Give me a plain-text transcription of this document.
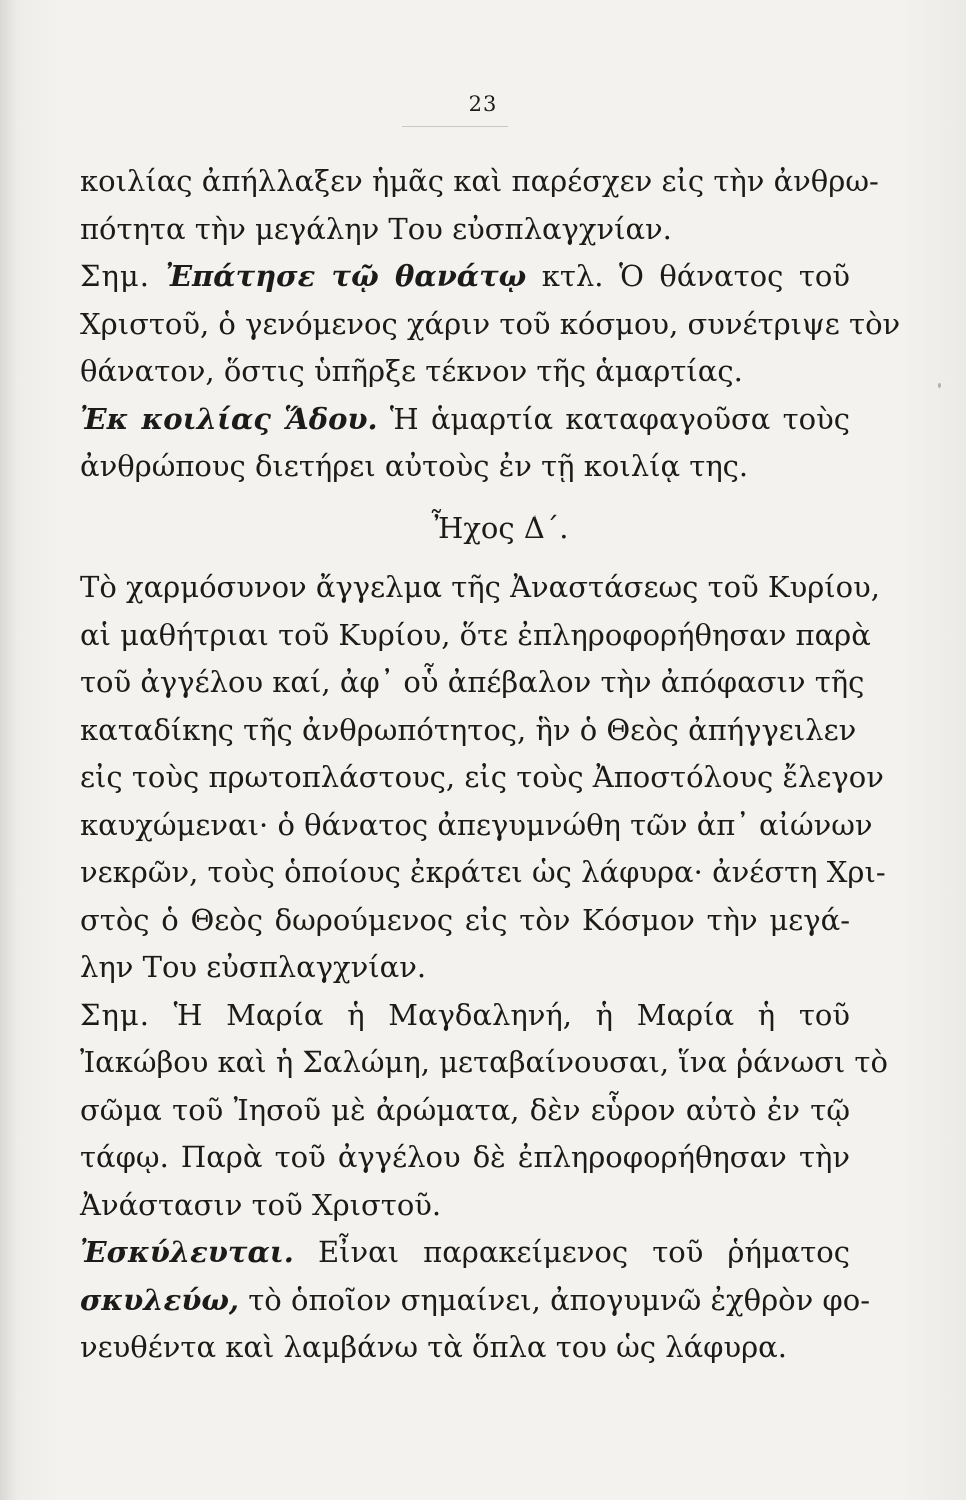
23
κοιλίας ἀπήλλαξεν ἡμᾶς καὶ παρέσχεν εἰς τὴν ἀνθρω-
πότητα τὴν μεγάλην Του εὐσπλαγχνίαν.
Σημ. Ἐπάτησε τῷ θανάτῳ κτλ. Ὁ θάνατος τοῦ
Χριστοῦ, ὁ γενόμενος χάριν τοῦ κόσμου, συνέτριψε τὸν
θάνατον, ὅστις ὑπῆρξε τέκνον τῆς ἁμαρτίας.
Ἐκ κοιλίας Ἅδου. Ἡ ἁμαρτία καταφαγοῦσα τοὺς
ἀνθρώπους διετήρει αὐτοὺς ἐν τῇ κοιλίᾳ της.
Ἦχος Δ΄.
Τὸ χαρμόσυνον ἄγγελμα τῆς Ἀναστάσεως τοῦ Κυρίου,
αἱ μαθήτριαι τοῦ Κυρίου, ὅτε ἐπληροφορήθησαν παρὰ
τοῦ ἀγγέλου καί, ἀφ᾽ οὗ ἀπέβαλον τὴν ἀπόφασιν τῆς
καταδίκης τῆς ἀνθρωπότητος, ἣν ὁ Θεὸς ἀπήγγειλεν
εἰς τοὺς πρωτοπλάστους, εἰς τοὺς Ἀποστόλους ἔλεγον
καυχώμεναι· ὁ θάνατος ἀπεγυμνώθη τῶν ἀπ᾽ αἰώνων
νεκρῶν, τοὺς ὁποίους ἐκράτει ὡς λάφυρα· ἀνέστη Χρι-
στὸς ὁ Θεὸς δωρούμενος εἰς τὸν Κόσμον τὴν μεγά-
λην Του εὐσπλαγχνίαν.
Σημ. Ἡ Μαρία ἡ Μαγδαληνή, ἡ Μαρία ἡ τοῦ
Ἰακώβου καὶ ἡ Σαλώμη, μεταβαίνουσαι, ἵνα ῥάνωσι τὸ
σῶμα τοῦ Ἰησοῦ μὲ ἀρώματα, δὲν εὗρον αὐτὸ ἐν τῷ
τάφῳ. Παρὰ τοῦ ἀγγέλου δὲ ἐπληροφορήθησαν τὴν
Ἀνάστασιν τοῦ Χριστοῦ.
Ἐσκύλευται. Εἶναι παρακείμενος τοῦ ῥήματος
σκυλεύω, τὸ ὁποῖον σημαίνει, ἀπογυμνῶ ἐχθρὸν φο-
νευθέντα καὶ λαμβάνω τὰ ὅπλα του ὡς λάφυρα.
